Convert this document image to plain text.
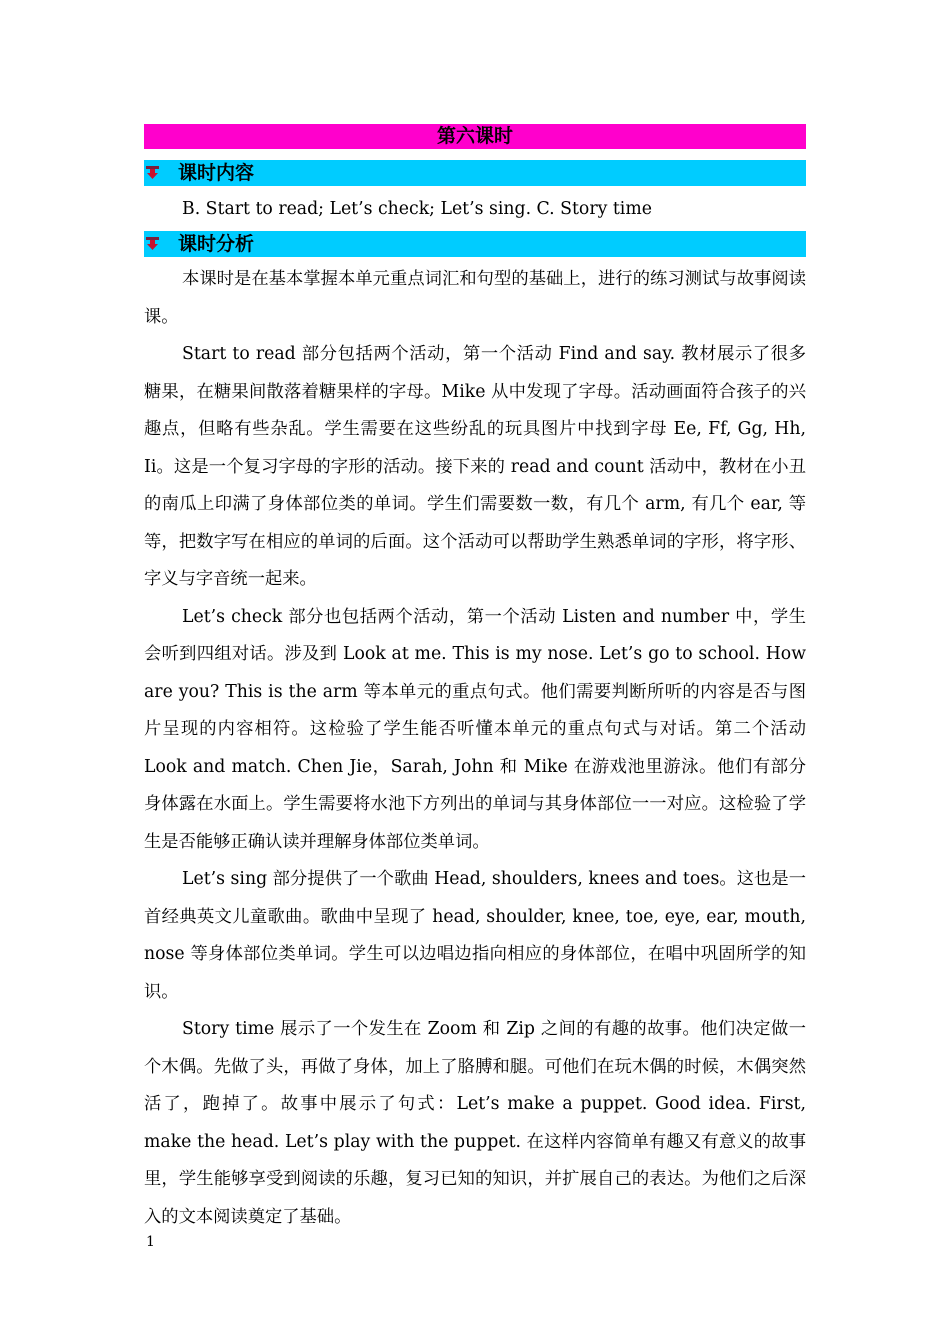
第六课时
课时内容
B. Start to read; Let’s check; Let’s sing. C. Story time
课时分析

本课时是在基本掌握本单元重点词汇和句型的基础上，进行的练习测试与故事阅读课。

Start to read 部分包括两个活动，第一个活动 Find and say. 教材展示了很多糖果，在糖果间散落着糖果样的字母。Mike 从中发现了字母。活动画面符合孩子的兴趣点，但略有些杂乱。学生需要在这些纷乱的玩具图片中找到字母 Ee, Ff, Gg, Hh, Ii。这是一个复习字母的字形的活动。接下来的 read and count 活动中，教材在小丑的南瓜上印满了身体部位类的单词。学生们需要数一数，有几个 arm, 有几个 ear, 等等，把数字写在相应的单词的后面。这个活动可以帮助学生熟悉单词的字形，将字形、字义与字音统一起来。

Let’s check 部分也包括两个活动，第一个活动 Listen and number 中，学生会听到四组对话。涉及到 Look at me. This is my nose. Let’s go to school. How are you? This is the arm 等本单元的重点句式。他们需要判断所听的内容是否与图片呈现的内容相符。这检验了学生能否听懂本单元的重点句式与对话。第二个活动 Look and match. Chen Jie，Sarah, John 和 Mike 在游戏池里游泳。他们有部分身体露在水面上。学生需要将水池下方列出的单词与其身体部位一一对应。这检验了学生是否能够正确认读并理解身体部位类单词。

Let’s sing 部分提供了一个歌曲 Head, shoulders, knees and toes。这也是一首经典英文儿童歌曲。歌曲中呈现了 head, shoulder, knee, toe, eye, ear, mouth, nose 等身体部位类单词。学生可以边唱边指向相应的身体部位，在唱中巩固所学的知识。

Story time 展示了一个发生在 Zoom 和 Zip 之间的有趣的故事。他们决定做一个木偶。先做了头，再做了身体，加上了胳膊和腿。可他们在玩木偶的时候，木偶突然活了，跑掉了。故事中展示了句式：Let’s make a puppet. Good idea. First, make the head. Let’s play with the puppet. 在这样内容简单有趣又有意义的故事里，学生能够享受到阅读的乐趣，复习已知的知识，并扩展自己的表达。为他们之后深入的文本阅读奠定了基础。

1
